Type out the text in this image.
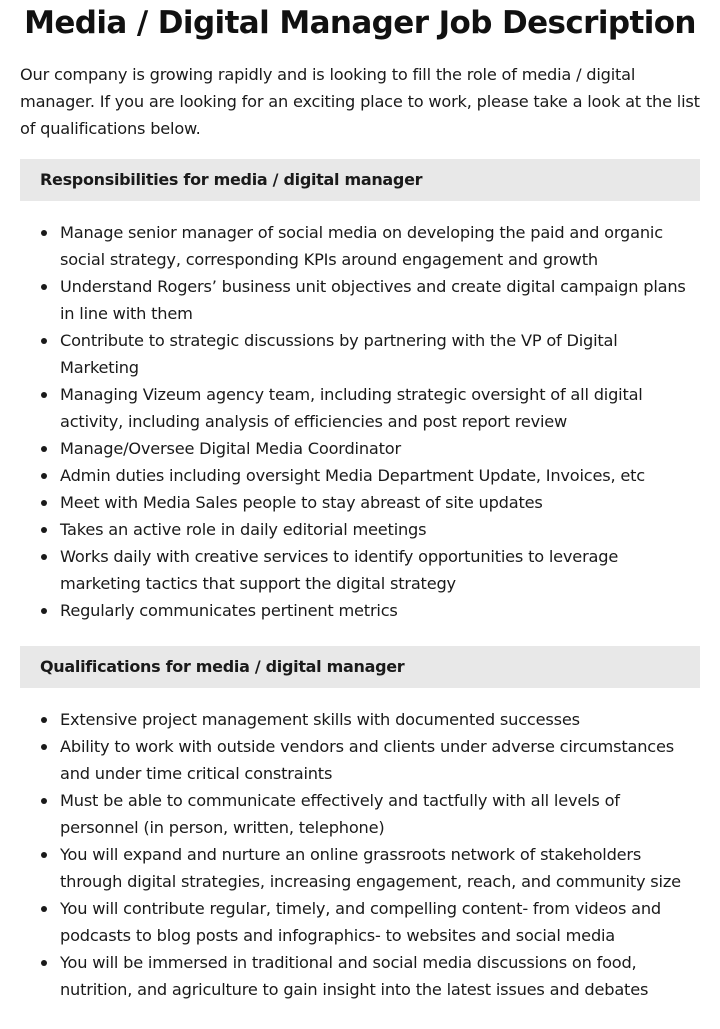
Media / Digital Manager Job Description

Our company is growing rapidly and is looking to fill the role of media / digital manager. If you are looking for an exciting place to work, please take a look at the list of qualifications below.

Responsibilities for media / digital manager
Manage senior manager of social media on developing the paid and organic social strategy, corresponding KPIs around engagement and growth
Understand Rogers’ business unit objectives and create digital campaign plans in line with them
Contribute to strategic discussions by partnering with the VP of Digital Marketing
Managing Vizeum agency team, including strategic oversight of all digital activity, including analysis of efficiencies and post report review
Manage/Oversee Digital Media Coordinator
Admin duties including oversight Media Department Update, Invoices, etc
Meet with Media Sales people to stay abreast of site updates
Takes an active role in daily editorial meetings
Works daily with creative services to identify opportunities to leverage marketing tactics that support the digital strategy
Regularly communicates pertinent metrics
Qualifications for media / digital manager
Extensive project management skills with documented successes
Ability to work with outside vendors and clients under adverse circumstances and under time critical constraints
Must be able to communicate effectively and tactfully with all levels of personnel (in person, written, telephone)
You will expand and nurture an online grassroots network of stakeholders through digital strategies, increasing engagement, reach, and community size
You will contribute regular, timely, and compelling content- from videos and podcasts to blog posts and infographics- to websites and social media
You will be immersed in traditional and social media discussions on food, nutrition, and agriculture to gain insight into the latest issues and debates
